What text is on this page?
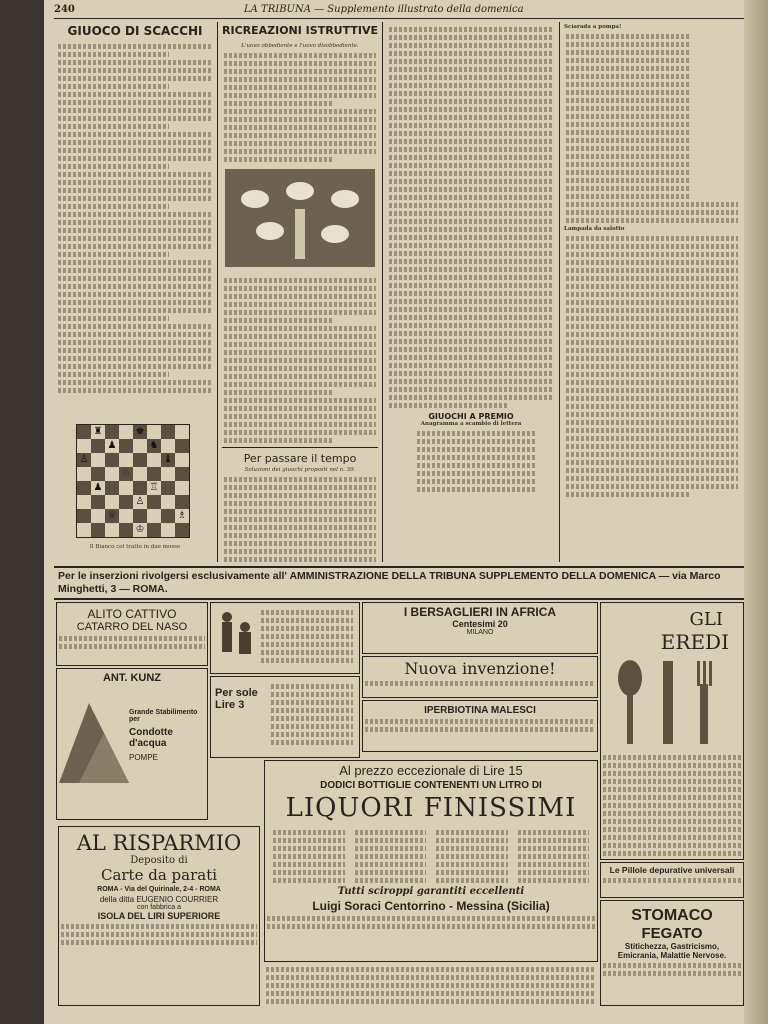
240	LA TRIBUNA — Supplemento illustrato della domenica
GIUOCO DI SCACCHI
Il Bianco col tratto in due mosse
♜	♚
♟	♞
♙	♝
♘
♟	♖
♙
♕	♗
♔
RICREAZIONI ISTRUTTIVE
L'uovo obbediente e l'uovo disobbediente.
Per passare il tempo
Soluzioni dei giuochi proposti nel n. 39.
GIUOCHI A PREMIO
Anagramma a scambio di lettera
Sciarada a pompa!
Lampada da salotto
Per le inserzioni rivolgersi esclusivamente all' AMMINISTRAZIONE DELLA TRIBUNA SUPPLEMENTO DELLA DOMENICA — via Marco Minghetti, 3 — ROMA.
ALITO CATTIVO
CATARRO DEL NASO
I BERSAGLIERI IN AFRICA
Centesimi 20
MILANO
Nuova invenzione!
IPERBIOTINA MALESCI
GLI
EREDI
ANT. KUNZ
Grande Stabilimento per
Condotte d'acqua
POMPE
Per sole Lire 3
Al prezzo eccezionale di Lire 15
DODICI BOTTIGLIE CONTENENTI UN LITRO DI
LIQUORI FINISSIMI
Tutti sciroppi garantiti eccellenti
Luigi Soraci Centorrino - Messina (Sicilia)
AL RISPARMIO
Deposito di
Carte da parati
ROMA - Via del Quirinale, 2-4 - ROMA
della ditta EUGENIO COURRIER
con fabbrica a
ISOLA DEL LIRI SUPERIORE
Le Pillole depurative universali
STOMACO
FEGATO
Stitichezza, Gastricismo,
Emicrania, Malattie Nervose.
